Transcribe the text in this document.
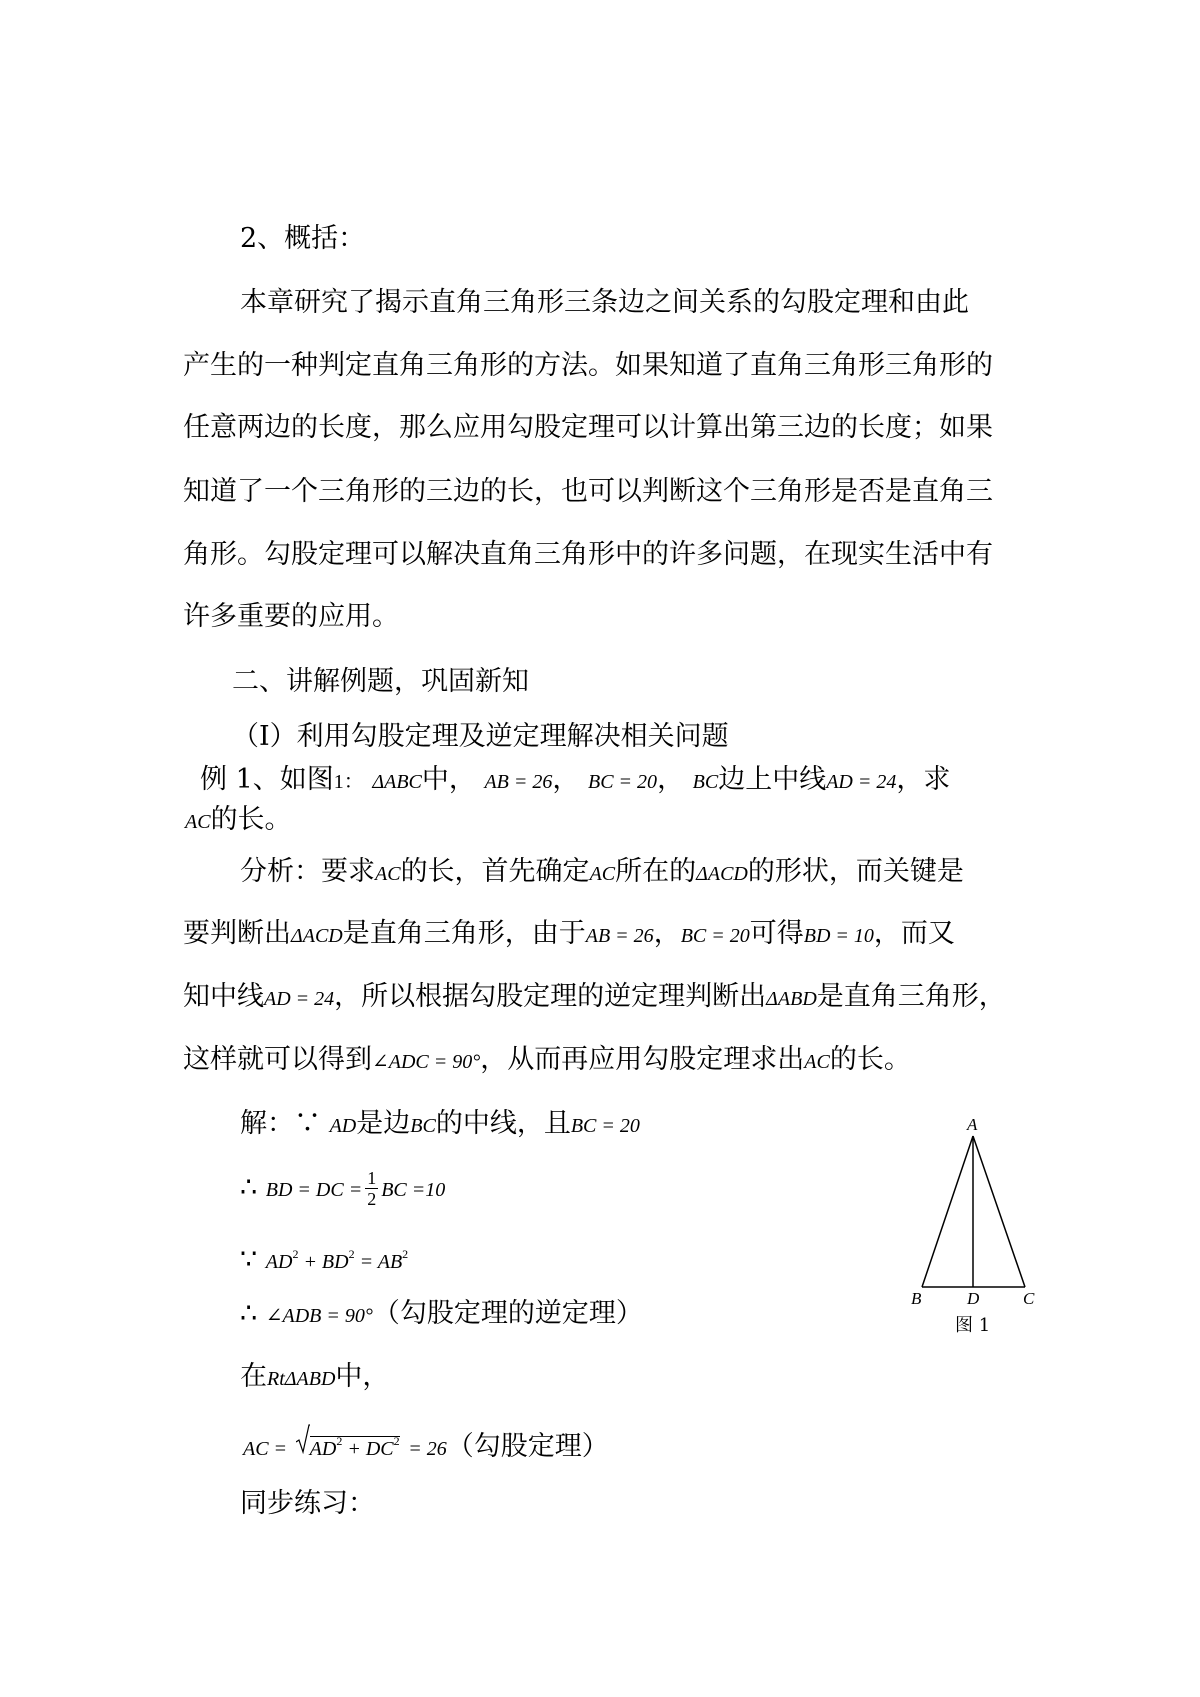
2、概括：
本章研究了揭示直角三角形三条边之间关系的勾股定理和由此
产生的一种判定直角三角形的方法。如果知道了直角三角形三角形的
任意两边的长度，那么应用勾股定理可以计算出第三边的长度；如果
知道了一个三角形的三边的长，也可以判断这个三角形是否是直角三
角形。勾股定理可以解决直角三角形中的许多问题，在现实生活中有
许多重要的应用。
二、讲解例题，巩固新知
（Ⅰ）利用勾股定理及逆定理解决相关问题
例 1、如图1： ΔABC中， AB = 26， BC = 20， BC边上中线AD = 24，求
AC的长。
分析：要求AC的长，首先确定AC所在的ΔACD的形状，而关键是
要判断出ΔACD是直角三角形，由于AB = 26，BC = 20可得BD = 10，而又
知中线AD = 24，所以根据勾股定理的逆定理判断出ΔABD是直角三角形，
这样就可以得到∠ADC = 90°，从而再应用勾股定理求出AC的长。
解：∵ AD是边BC的中线，且BC = 20
∴ BD = DC = $\frac{1}{2}$ BC =10
∵ $AD^2 + BD^2 = AB^2$
∴ ∠ADB = 90°（勾股定理的逆定理）
在RtΔABD中，
AC = $AD^2 + DC^2 = 26$（勾股定理）
同步练习：
A
B	D	C
图 1
